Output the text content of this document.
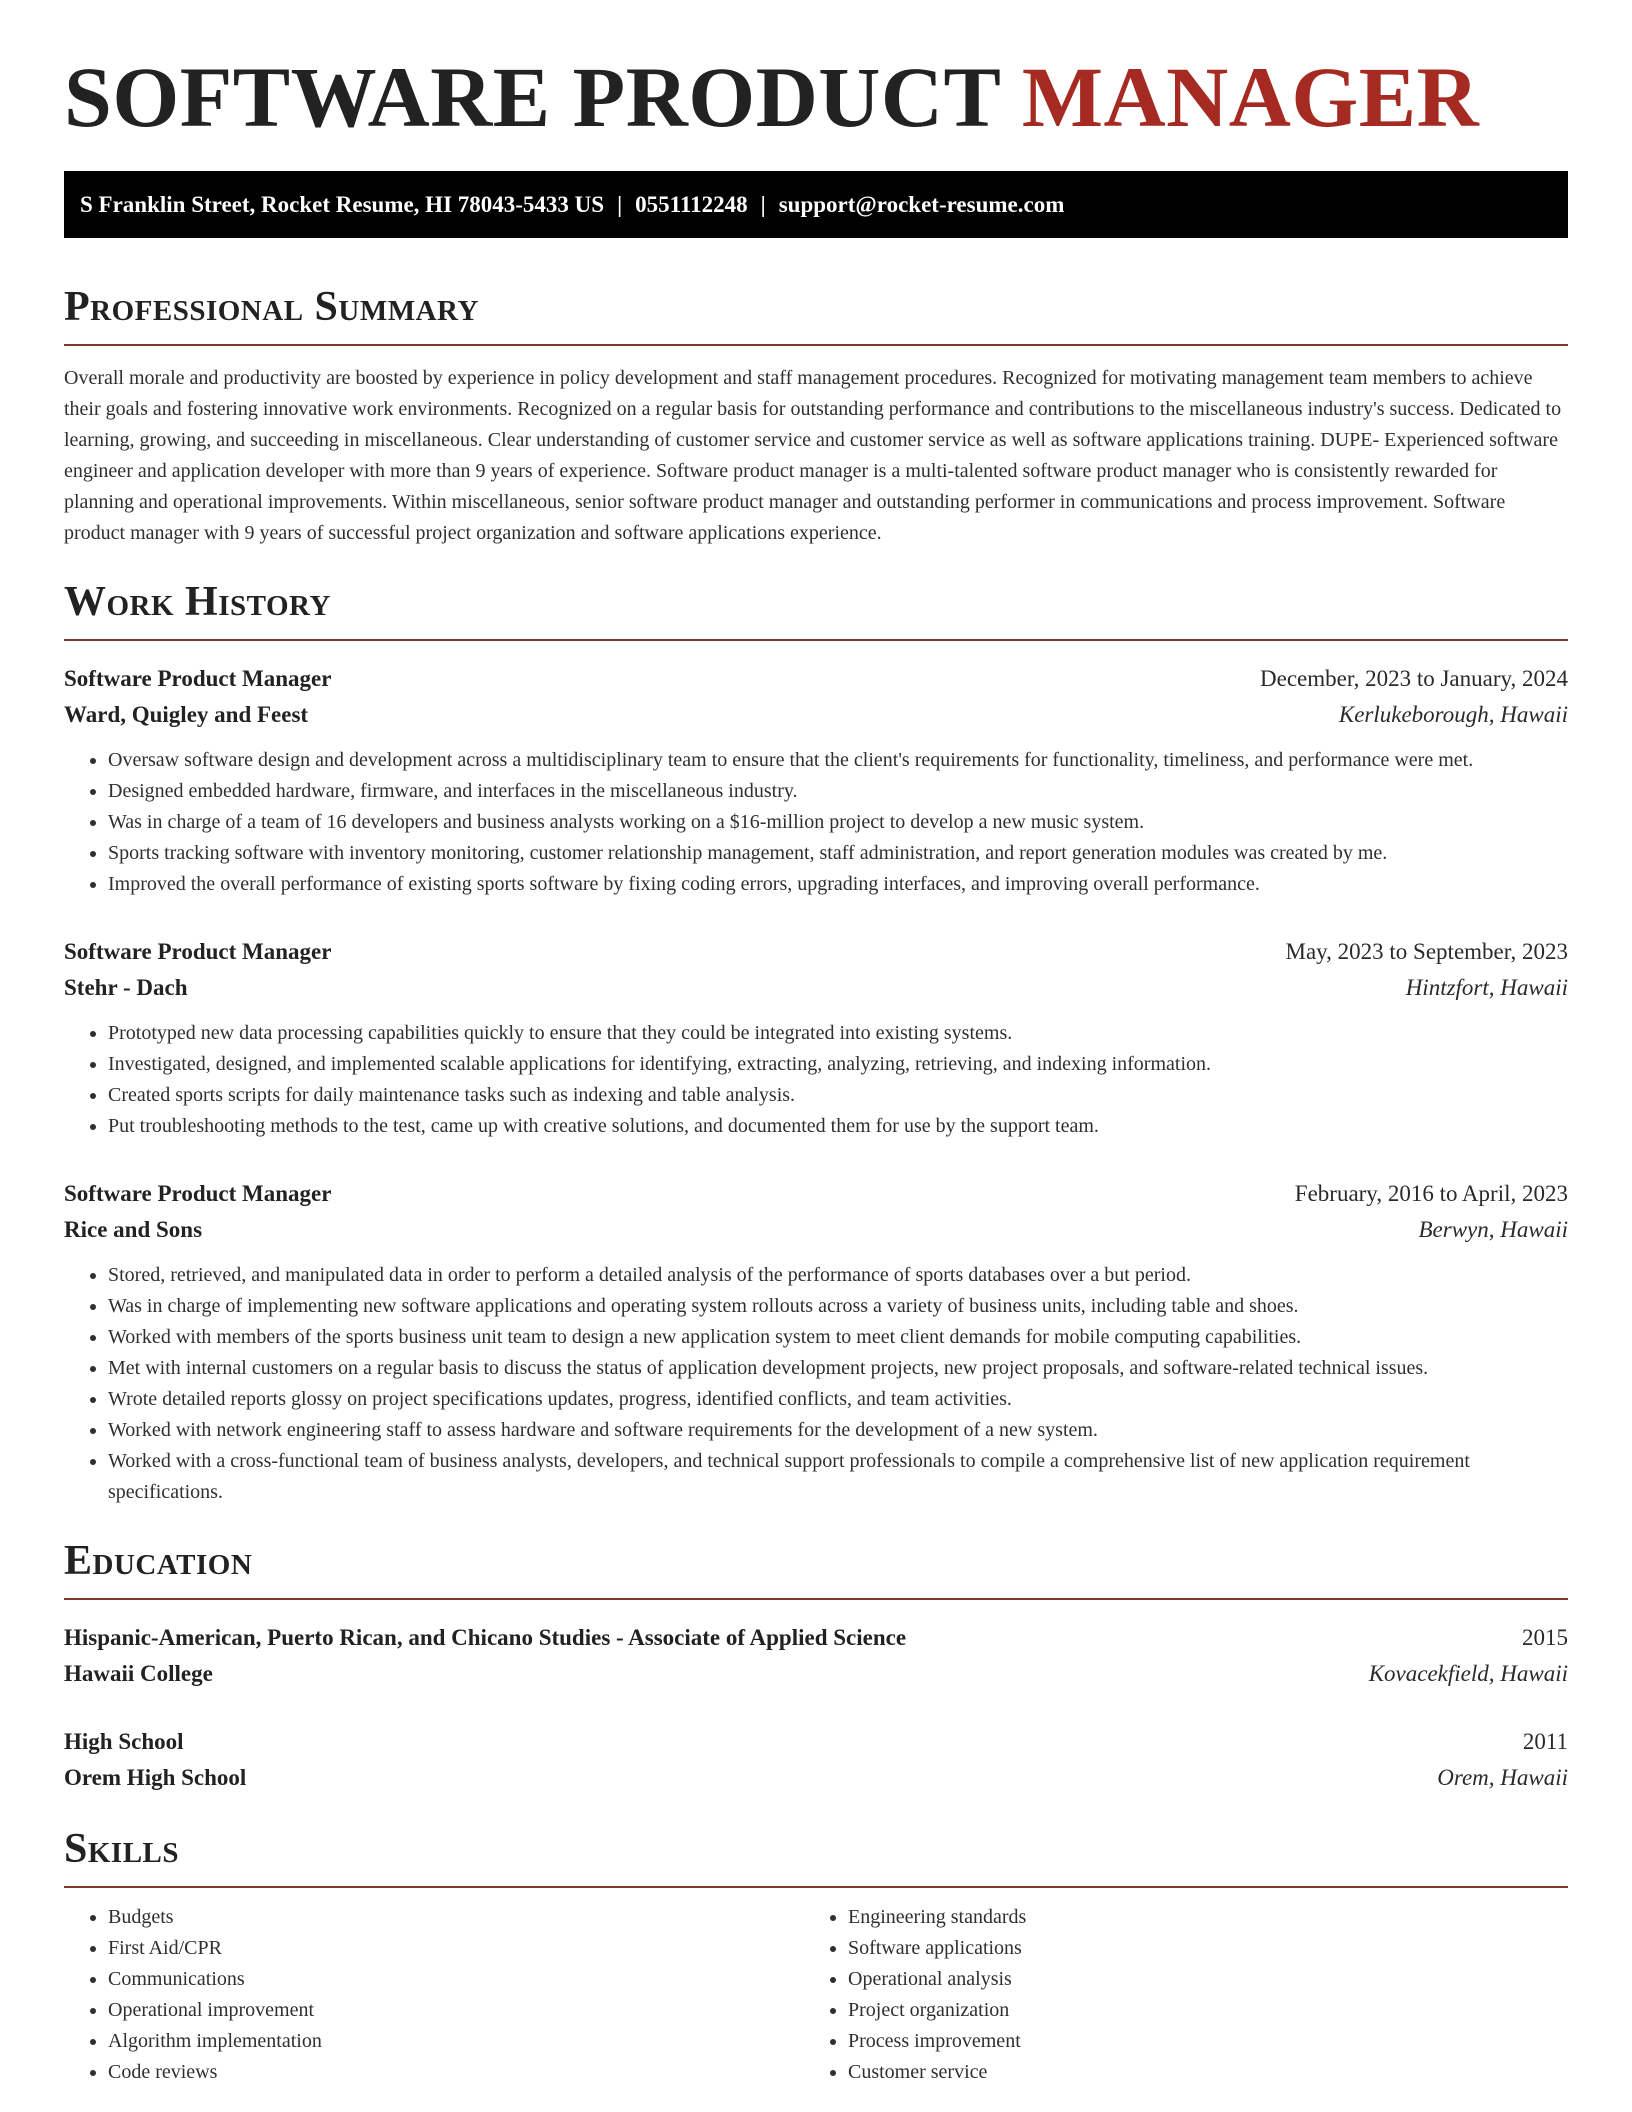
SOFTWARE PRODUCT MANAGER
S Franklin Street, Rocket Resume, HI 78043-5433 US | 0551112248 | support@rocket-resume.com
Professional Summary

Overall morale and productivity are boosted by experience in policy development and staff management procedures. Recognized for motivating management team members to achieve their goals and fostering innovative work environments. Recognized on a regular basis for outstanding performance and contributions to the miscellaneous industry's success. Dedicated to learning, growing, and succeeding in miscellaneous. Clear understanding of customer service and customer service as well as software applications training. DUPE- Experienced software engineer and application developer with more than 9 years of experience. Software product manager is a multi-talented software product manager who is consistently rewarded for planning and operational improvements. Within miscellaneous, senior software product manager and outstanding performer in communications and process improvement. Software product manager with 9 years of successful project organization and software applications experience.

Work History
Software Product Manager	December, 2023 to January, 2024
Ward, Quigley and Feest	Kerlukeborough, Hawaii
• Oversaw software design and development across a multidisciplinary team to ensure that the client's requirements for functionality, timeliness, and performance were met.
• Designed embedded hardware, firmware, and interfaces in the miscellaneous industry.
• Was in charge of a team of 16 developers and business analysts working on a $16-million project to develop a new music system.
• Sports tracking software with inventory monitoring, customer relationship management, staff administration, and report generation modules was created by me.
• Improved the overall performance of existing sports software by fixing coding errors, upgrading interfaces, and improving overall performance.
Software Product Manager	May, 2023 to September, 2023
Stehr - Dach	Hintzfort, Hawaii
• Prototyped new data processing capabilities quickly to ensure that they could be integrated into existing systems.
• Investigated, designed, and implemented scalable applications for identifying, extracting, analyzing, retrieving, and indexing information.
• Created sports scripts for daily maintenance tasks such as indexing and table analysis.
• Put troubleshooting methods to the test, came up with creative solutions, and documented them for use by the support team.
Software Product Manager	February, 2016 to April, 2023
Rice and Sons	Berwyn, Hawaii
• Stored, retrieved, and manipulated data in order to perform a detailed analysis of the performance of sports databases over a but period.
• Was in charge of implementing new software applications and operating system rollouts across a variety of business units, including table and shoes.
• Worked with members of the sports business unit team to design a new application system to meet client demands for mobile computing capabilities.
• Met with internal customers on a regular basis to discuss the status of application development projects, new project proposals, and software-related technical issues.
• Wrote detailed reports glossy on project specifications updates, progress, identified conflicts, and team activities.
• Worked with network engineering staff to assess hardware and software requirements for the development of a new system.
• Worked with a cross-functional team of business analysts, developers, and technical support professionals to compile a comprehensive list of new application requirement specifications.
Education
Hispanic-American, Puerto Rican, and Chicano Studies - Associate of Applied Science	2015
Hawaii College	Kovacekfield, Hawaii
High School	2011
Orem High School	Orem, Hawaii
Skills
• Budgets
• First Aid/CPR
• Communications
• Operational improvement
• Algorithm implementation
• Code reviews
• Engineering standards
• Software applications
• Operational analysis
• Project organization
• Process improvement
• Customer service
